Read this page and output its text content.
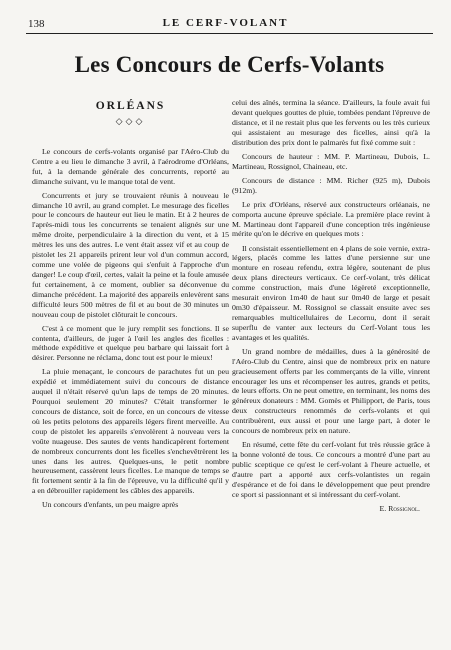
138	LE CERF-VOLANT
Les Concours de Cerfs-Volants
ORLÉANS
◇◇◇

Le concours de cerfs-volants organisé par l'Aéro-Club du Centre a eu lieu le dimanche 3 avril, à l'aérodrome d'Orléans, fut, à la demande générale des concurrents, reporté au dimanche suivant, vu le manque total de vent.

Concurrents et jury se trouvaient réunis à nouveau le dimanche 10 avril, au grand complet. Le mesurage des ficelles pour le concours de hauteur eut lieu le matin. Et à 2 heures de l'après-midi tous les concurrents se tenaient alignés sur une même droite, perpendiculaire à la direction du vent, et à 15 mètres les uns des autres. Le vent était assez vif et au coup de pistolet les 21 appareils prirent leur vol d'un commun accord, comme une volée de pigeons qui s'enfuit à l'approche d'un danger! Le coup d'œil, certes, valait la peine et la foule amusée fut certainement, à ce moment, oublier sa déconvenue du dimanche précédent. La majorité des appareils enlevèrent sans difficulté leurs 500 mètres de fil et au bout de 30 minutes un nouveau coup de pistolet clôturait le concours.

C'est à ce moment que le jury remplit ses fonctions. Il se contenta, d'ailleurs, de juger à l'œil les angles des ficelles : méthode expéditive et quelque peu barbare qui laissait fort à désirer. Personne ne réclama, donc tout est pour le mieux!

La pluie menaçant, le concours de parachutes fut un peu expédié et immédiatement suivi du concours de distance auquel il n'était réservé qu'un laps de temps de 20 minutes. Pourquoi seulement 20 minutes? C'était transformer le concours de distance, soit de force, en un concours de vitesse où les petits pelotons des appareils légers firent merveille. Au coup de pistolet les appareils s'envolèrent à nouveau vers la voûte nuageuse. Des sautes de vents handicapèrent fortement de nombreux concurrents dont les ficelles s'enchevêtrèrent les unes dans les autres. Quelques-uns, le petit nombre heureusement, cassèrent leurs ficelles. Le manque de temps se fit fortement sentir à la fin de l'épreuve, vu la difficulté qu'il y a en débrouiller rapidement les câbles des appareils.

Un concours d'enfants, un peu maigre après

celui des aînés, termina la séance. D'ailleurs, la foule avait fui devant quelques gouttes de pluie, tombées pendant l'épreuve de distance, et il ne restait plus que les fervents ou les très curieux qui assistaient au mesurage des ficelles, ainsi qu'à la distribution des prix dont le palmarès fut fixé comme suit :

Concours de hauteur : MM. P. Martineau, Dubois, L. Martineau, Rossignol, Chaineau, etc.

Concours de distance : MM. Richer (925 m), Dubois (912m).

Le prix d'Orléans, réservé aux constructeurs orléanais, ne comporta aucune épreuve spéciale. La première place revint à M. Martineau dont l'appareil d'une conception très ingénieuse mérite qu'on le décrive en quelques mots :

Il consistait essentiellement en 4 plans de soie vernie, extra-légers, placés comme les lattes d'une persienne sur une monture en roseau refendu, extra légère, soutenant de plus deux plans directeurs verticaux. Ce cerf-volant, très délicat comme construction, mais d'une légèreté exceptionnelle, mesurait environ 1m40 de haut sur 0m40 de large et pesait 0m30 d'épaisseur. M. Rossignol se classait ensuite avec ses remarquables multicellulaires de Lecornu, dont il serait superflu de vanter aux lecteurs du Cerf-Volant tous les avantages et les qualités.

Un grand nombre de médailles, dues à la générosité de l'Aéro-Club du Centre, ainsi que de nombreux prix en nature gracieusement offerts par les commerçants de la ville, vinrent encourager les uns et récompenser les autres, grands et petits, de leurs efforts. On ne peut omettre, en terminant, les noms des généreux donateurs : MM. Gomès et Philipport, de Paris, tous deux constructeurs renommés de cerfs-volants et qui contribuèrent, eux aussi et pour une large part, à doter le concours de nombreux prix en nature.

En résumé, cette fête du cerf-volant fut très réussie grâce à la bonne volonté de tous. Ce concours a montré d'une part au public sceptique ce qu'est le cerf-volant à l'heure actuelle, et d'autre part a apporté aux cerfs-volantistes un regain d'espérance et de foi dans le développement que peut prendre ce sport si passionnant et si intéressant du cerf-volant.

E. Rossignol.
